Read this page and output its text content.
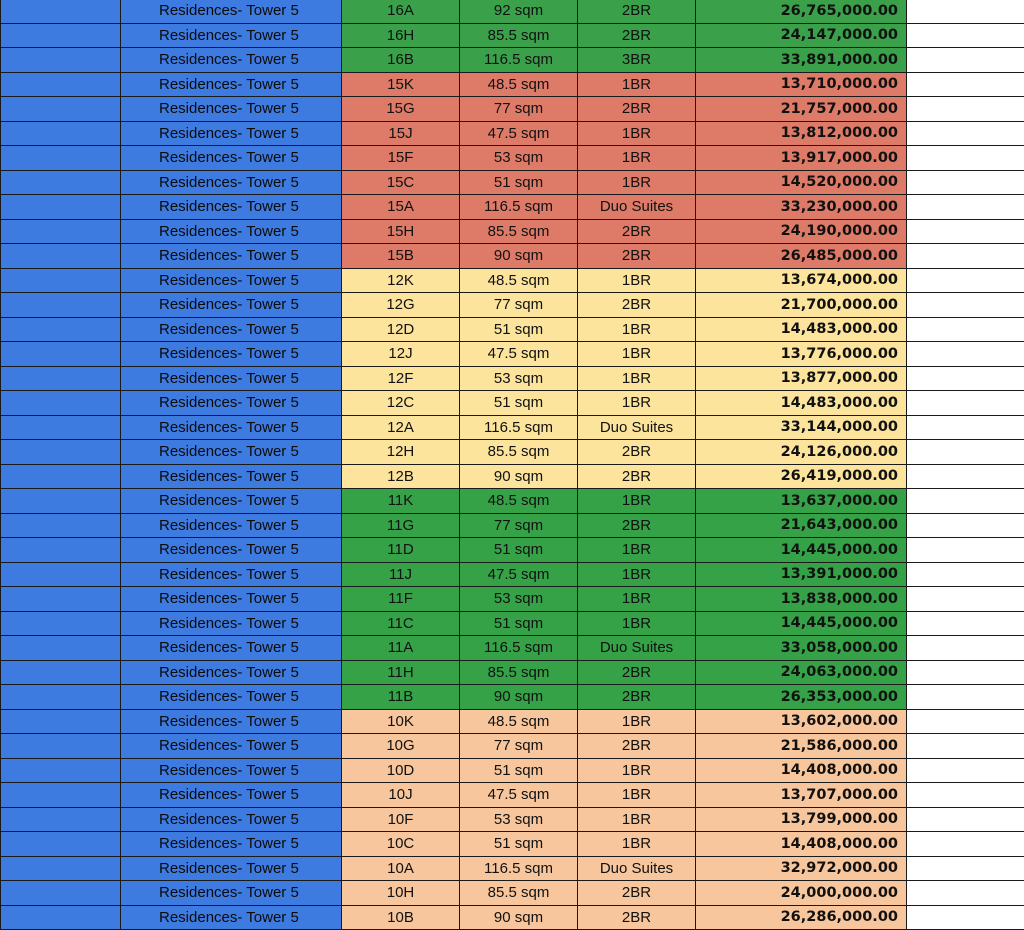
	Residences- Tower 5	16A	92 sqm	2BR	26,765,000.00	
	Residences- Tower 5	16H	85.5 sqm	2BR	24,147,000.00	
	Residences- Tower 5	16B	116.5 sqm	3BR	33,891,000.00	
	Residences- Tower 5	15K	48.5 sqm	1BR	13,710,000.00	
	Residences- Tower 5	15G	77 sqm	2BR	21,757,000.00	
	Residences- Tower 5	15J	47.5 sqm	1BR	13,812,000.00	
	Residences- Tower 5	15F	53 sqm	1BR	13,917,000.00	
	Residences- Tower 5	15C	51 sqm	1BR	14,520,000.00	
	Residences- Tower 5	15A	116.5 sqm	Duo Suites	33,230,000.00	
	Residences- Tower 5	15H	85.5 sqm	2BR	24,190,000.00	
	Residences- Tower 5	15B	90 sqm	2BR	26,485,000.00	
	Residences- Tower 5	12K	48.5 sqm	1BR	13,674,000.00	
	Residences- Tower 5	12G	77 sqm	2BR	21,700,000.00	
	Residences- Tower 5	12D	51 sqm	1BR	14,483,000.00	
	Residences- Tower 5	12J	47.5 sqm	1BR	13,776,000.00	
	Residences- Tower 5	12F	53 sqm	1BR	13,877,000.00	
	Residences- Tower 5	12C	51 sqm	1BR	14,483,000.00	
	Residences- Tower 5	12A	116.5 sqm	Duo Suites	33,144,000.00	
	Residences- Tower 5	12H	85.5 sqm	2BR	24,126,000.00	
	Residences- Tower 5	12B	90 sqm	2BR	26,419,000.00	
	Residences- Tower 5	11K	48.5 sqm	1BR	13,637,000.00	
	Residences- Tower 5	11G	77 sqm	2BR	21,643,000.00	
	Residences- Tower 5	11D	51 sqm	1BR	14,445,000.00	
	Residences- Tower 5	11J	47.5 sqm	1BR	13,391,000.00	
	Residences- Tower 5	11F	53 sqm	1BR	13,838,000.00	
	Residences- Tower 5	11C	51 sqm	1BR	14,445,000.00	
	Residences- Tower 5	11A	116.5 sqm	Duo Suites	33,058,000.00	
	Residences- Tower 5	11H	85.5 sqm	2BR	24,063,000.00	
	Residences- Tower 5	11B	90 sqm	2BR	26,353,000.00	
	Residences- Tower 5	10K	48.5 sqm	1BR	13,602,000.00	
	Residences- Tower 5	10G	77 sqm	2BR	21,586,000.00	
	Residences- Tower 5	10D	51 sqm	1BR	14,408,000.00	
	Residences- Tower 5	10J	47.5 sqm	1BR	13,707,000.00	
	Residences- Tower 5	10F	53 sqm	1BR	13,799,000.00	
	Residences- Tower 5	10C	51 sqm	1BR	14,408,000.00	
	Residences- Tower 5	10A	116.5 sqm	Duo Suites	32,972,000.00	
	Residences- Tower 5	10H	85.5 sqm	2BR	24,000,000.00	
	Residences- Tower 5	10B	90 sqm	2BR	26,286,000.00	
